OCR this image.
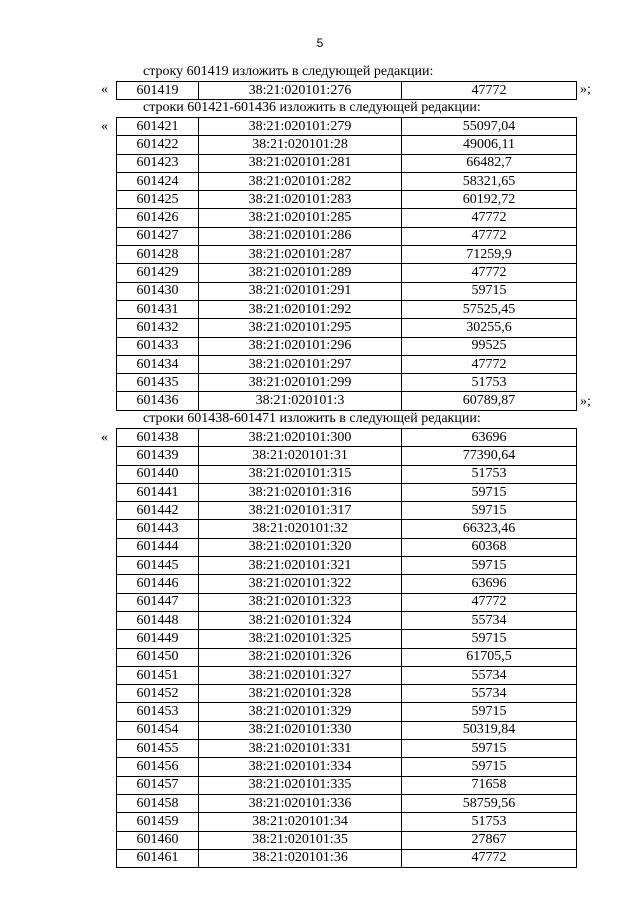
5
строку 601419 изложить в следующей редакции:
« 601419	38:21:020101:276	47772	»;
строки 601421-601436 изложить в следующей редакции:
« 601421	38:21:020101:279	55097,04
601422	38:21:020101:28	49006,11
601423	38:21:020101:281	66482,7
601424	38:21:020101:282	58321,65
601425	38:21:020101:283	60192,72
601426	38:21:020101:285	47772
601427	38:21:020101:286	47772
601428	38:21:020101:287	71259,9
601429	38:21:020101:289	47772
601430	38:21:020101:291	59715
601431	38:21:020101:292	57525,45
601432	38:21:020101:295	30255,6
601433	38:21:020101:296	99525
601434	38:21:020101:297	47772
601435	38:21:020101:299	51753
601436	38:21:020101:3	60789,87	»;
строки 601438-601471 изложить в следующей редакции:
« 601438	38:21:020101:300	63696
601439	38:21:020101:31	77390,64
601440	38:21:020101:315	51753
601441	38:21:020101:316	59715
601442	38:21:020101:317	59715
601443	38:21:020101:32	66323,46
601444	38:21:020101:320	60368
601445	38:21:020101:321	59715
601446	38:21:020101:322	63696
601447	38:21:020101:323	47772
601448	38:21:020101:324	55734
601449	38:21:020101:325	59715
601450	38:21:020101:326	61705,5
601451	38:21:020101:327	55734
601452	38:21:020101:328	55734
601453	38:21:020101:329	59715
601454	38:21:020101:330	50319,84
601455	38:21:020101:331	59715
601456	38:21:020101:334	59715
601457	38:21:020101:335	71658
601458	38:21:020101:336	58759,56
601459	38:21:020101:34	51753
601460	38:21:020101:35	27867
601461	38:21:020101:36	47772
